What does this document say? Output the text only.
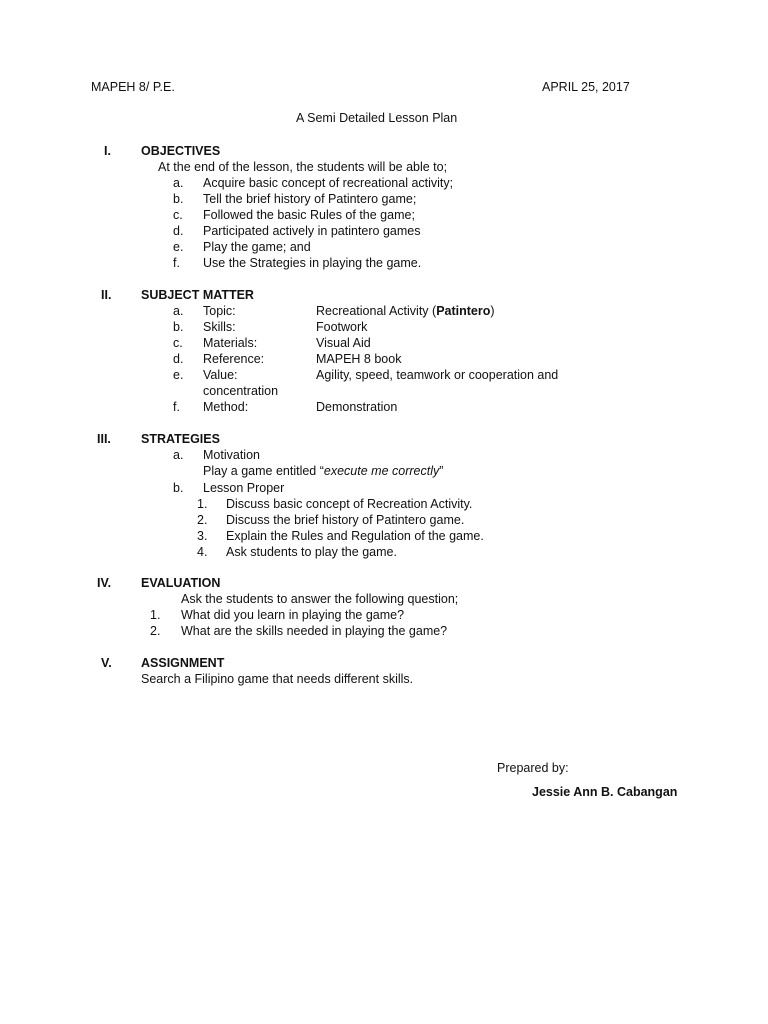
MAPEH 8/ P.E.	APRIL 25, 2017
A Semi Detailed Lesson Plan
I. OBJECTIVES
At the end of the lesson, the students will be able to;
a. Acquire basic concept of recreational activity;
b. Tell the brief history of Patintero game;
c. Followed the basic Rules of the game;
d. Participated actively in patintero games
e. Play the game; and
f. Use the Strategies in playing the game.
II. SUBJECT MATTER
a. Topic:	Recreational Activity (Patintero)
b. Skills:	Footwork
c. Materials:	Visual Aid
d. Reference:	MAPEH 8 book
e. Value:	Agility, speed, teamwork or cooperation and
concentration
f. Method:	Demonstration
III. STRATEGIES
a. Motivation
Play a game entitled “execute me correctly”
b. Lesson Proper
1. Discuss basic concept of Recreation Activity.
2. Discuss the brief history of Patintero game.
3. Explain the Rules and Regulation of the game.
4. Ask students to play the game.
IV. EVALUATION
Ask the students to answer the following question;
1. What did you learn in playing the game?
2. What are the skills needed in playing the game?
V. ASSIGNMENT
Search a Filipino game that needs different skills.
Prepared by:
Jessie Ann B. Cabangan
